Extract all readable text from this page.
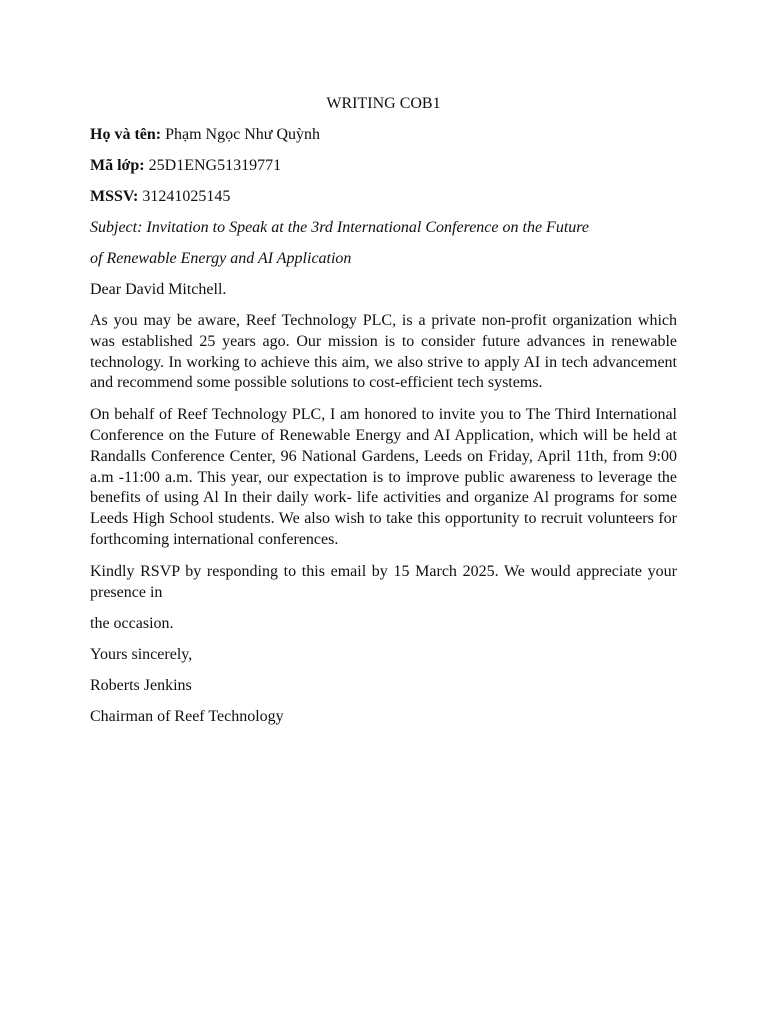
WRITING COB1
Họ và tên: Phạm Ngọc Như Quỳnh
Mã lớp: 25D1ENG51319771
MSSV: 31241025145
Subject: Invitation to Speak at the 3rd International Conference on the Future
of Renewable Energy and AI Application
Dear David Mitchell.

As you may be aware, Reef Technology PLC, is a private non-profit organization which was established 25 years ago. Our mission is to consider future advances in renewable technology. In working to achieve this aim, we also strive to apply AI in tech advancement and recommend some possible solutions to cost-efficient tech systems.

On behalf of Reef Technology PLC, I am honored to invite you to The Third International Conference on the Future of Renewable Energy and AI Application, which will be held at Randalls Conference Center, 96 National Gardens, Leeds on Friday, April 11th, from 9:00 a.m -11:00 a.m. This year, our expectation is to improve public awareness to leverage the benefits of using Al In their daily work- life activities and organize Al programs for some Leeds High School students. We also wish to take this opportunity to recruit volunteers for forthcoming international conferences.

Kindly RSVP by responding to this email by 15 March 2025. We would appreciate your presence in

the occasion.
Yours sincerely,
Roberts Jenkins
Chairman of Reef Technology
